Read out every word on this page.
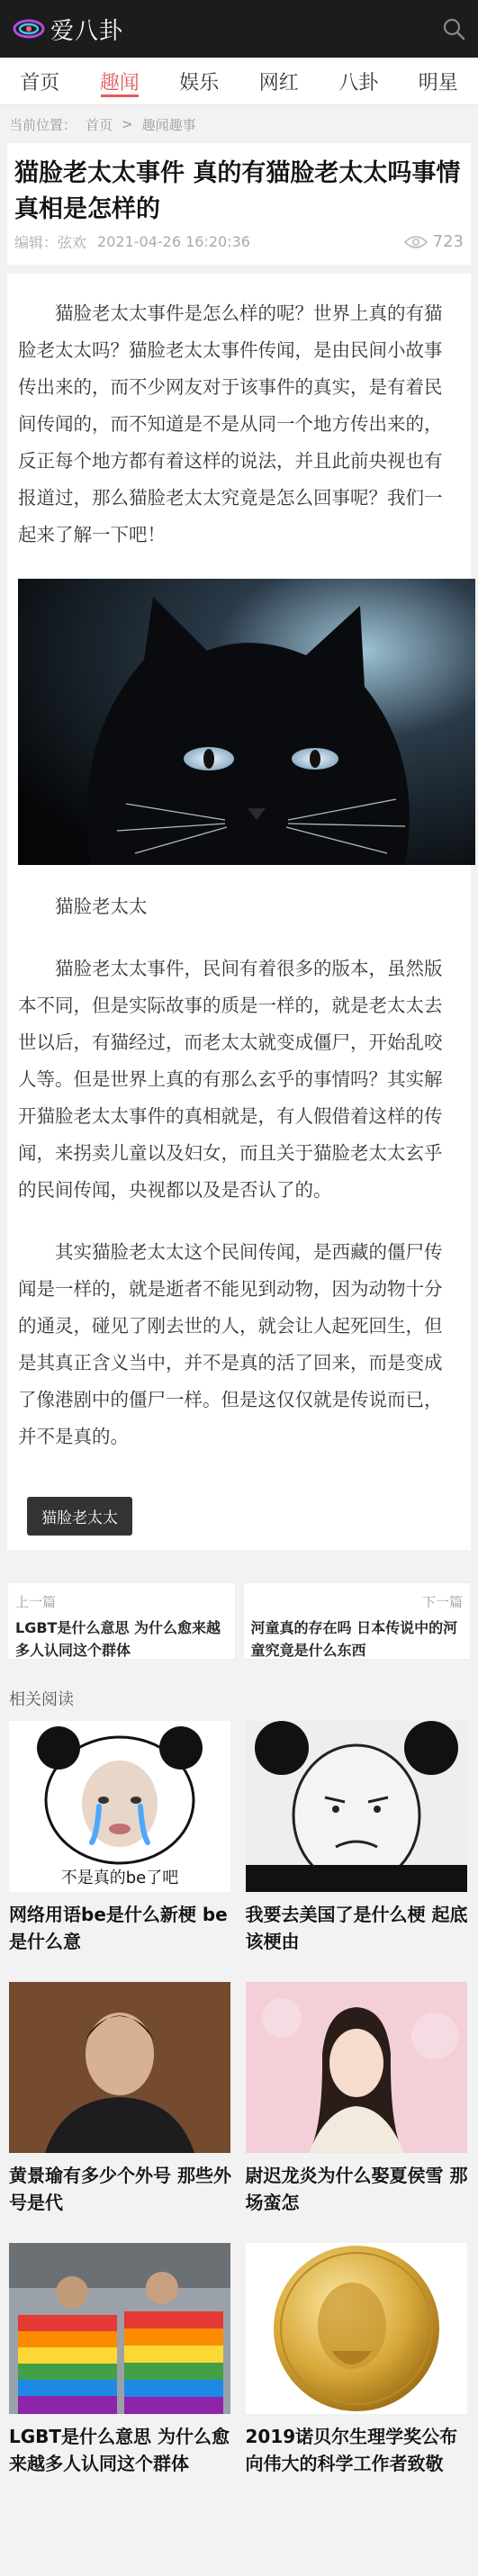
爱八卦
首页	趣闻	娱乐	网红	八卦	明星
当前位置： 首页 > 趣闻趣事
猫脸老太太事件 真的有猫脸老太太吗事情真相是怎样的
编辑：弦欢 2021-04-26 16:20:36	723

猫脸老太太事件是怎么样的呢？世界上真的有猫脸老太太吗？猫脸老太太事件传闻，是由民间小故事传出来的，而不少网友对于该事件的真实，是有着民间传闻的，而不知道是不是从同一个地方传出来的，反正每个地方都有着这样的说法，并且此前央视也有报道过，那么猫脸老太太究竟是怎么回事呢？我们一起来了解一下吧！

猫脸老太太

猫脸老太太事件，民间有着很多的版本，虽然版本不同，但是实际故事的质是一样的，就是老太太去世以后，有猫经过，而老太太就变成僵尸，开始乱咬人等。但是世界上真的有那么玄乎的事情吗？其实解开猫脸老太太事件的真相就是，有人假借着这样的传闻，来拐卖儿童以及妇女，而且关于猫脸老太太玄乎的民间传闻，央视都以及是否认了的。

其实猫脸老太太这个民间传闻，是西藏的僵尸传闻是一样的，就是逝者不能见到动物，因为动物十分的通灵，碰见了刚去世的人，就会让人起死回生，但是其真正含义当中，并不是真的活了回来，而是变成了像港剧中的僵尸一样。但是这仅仅就是传说而已，并不是真的。

猫脸老太太
上一篇
LGBT是什么意思 为什么愈来越多人认同这个群体
下一篇
河童真的存在吗 日本传说中的河童究竟是什么东西
相关阅读
不是真的be了吧
网络用语be是什么新梗 be是什么意
我要去美国了是什么梗 起底该梗由
黄景瑜有多少个外号 那些外号是代
尉迟龙炎为什么娶夏侯雪 那场蛮怎
LGBT是什么意思 为什么愈来越多人认同这个群体
2019诺贝尔生理学奖公布 向伟大的科学工作者致敬
